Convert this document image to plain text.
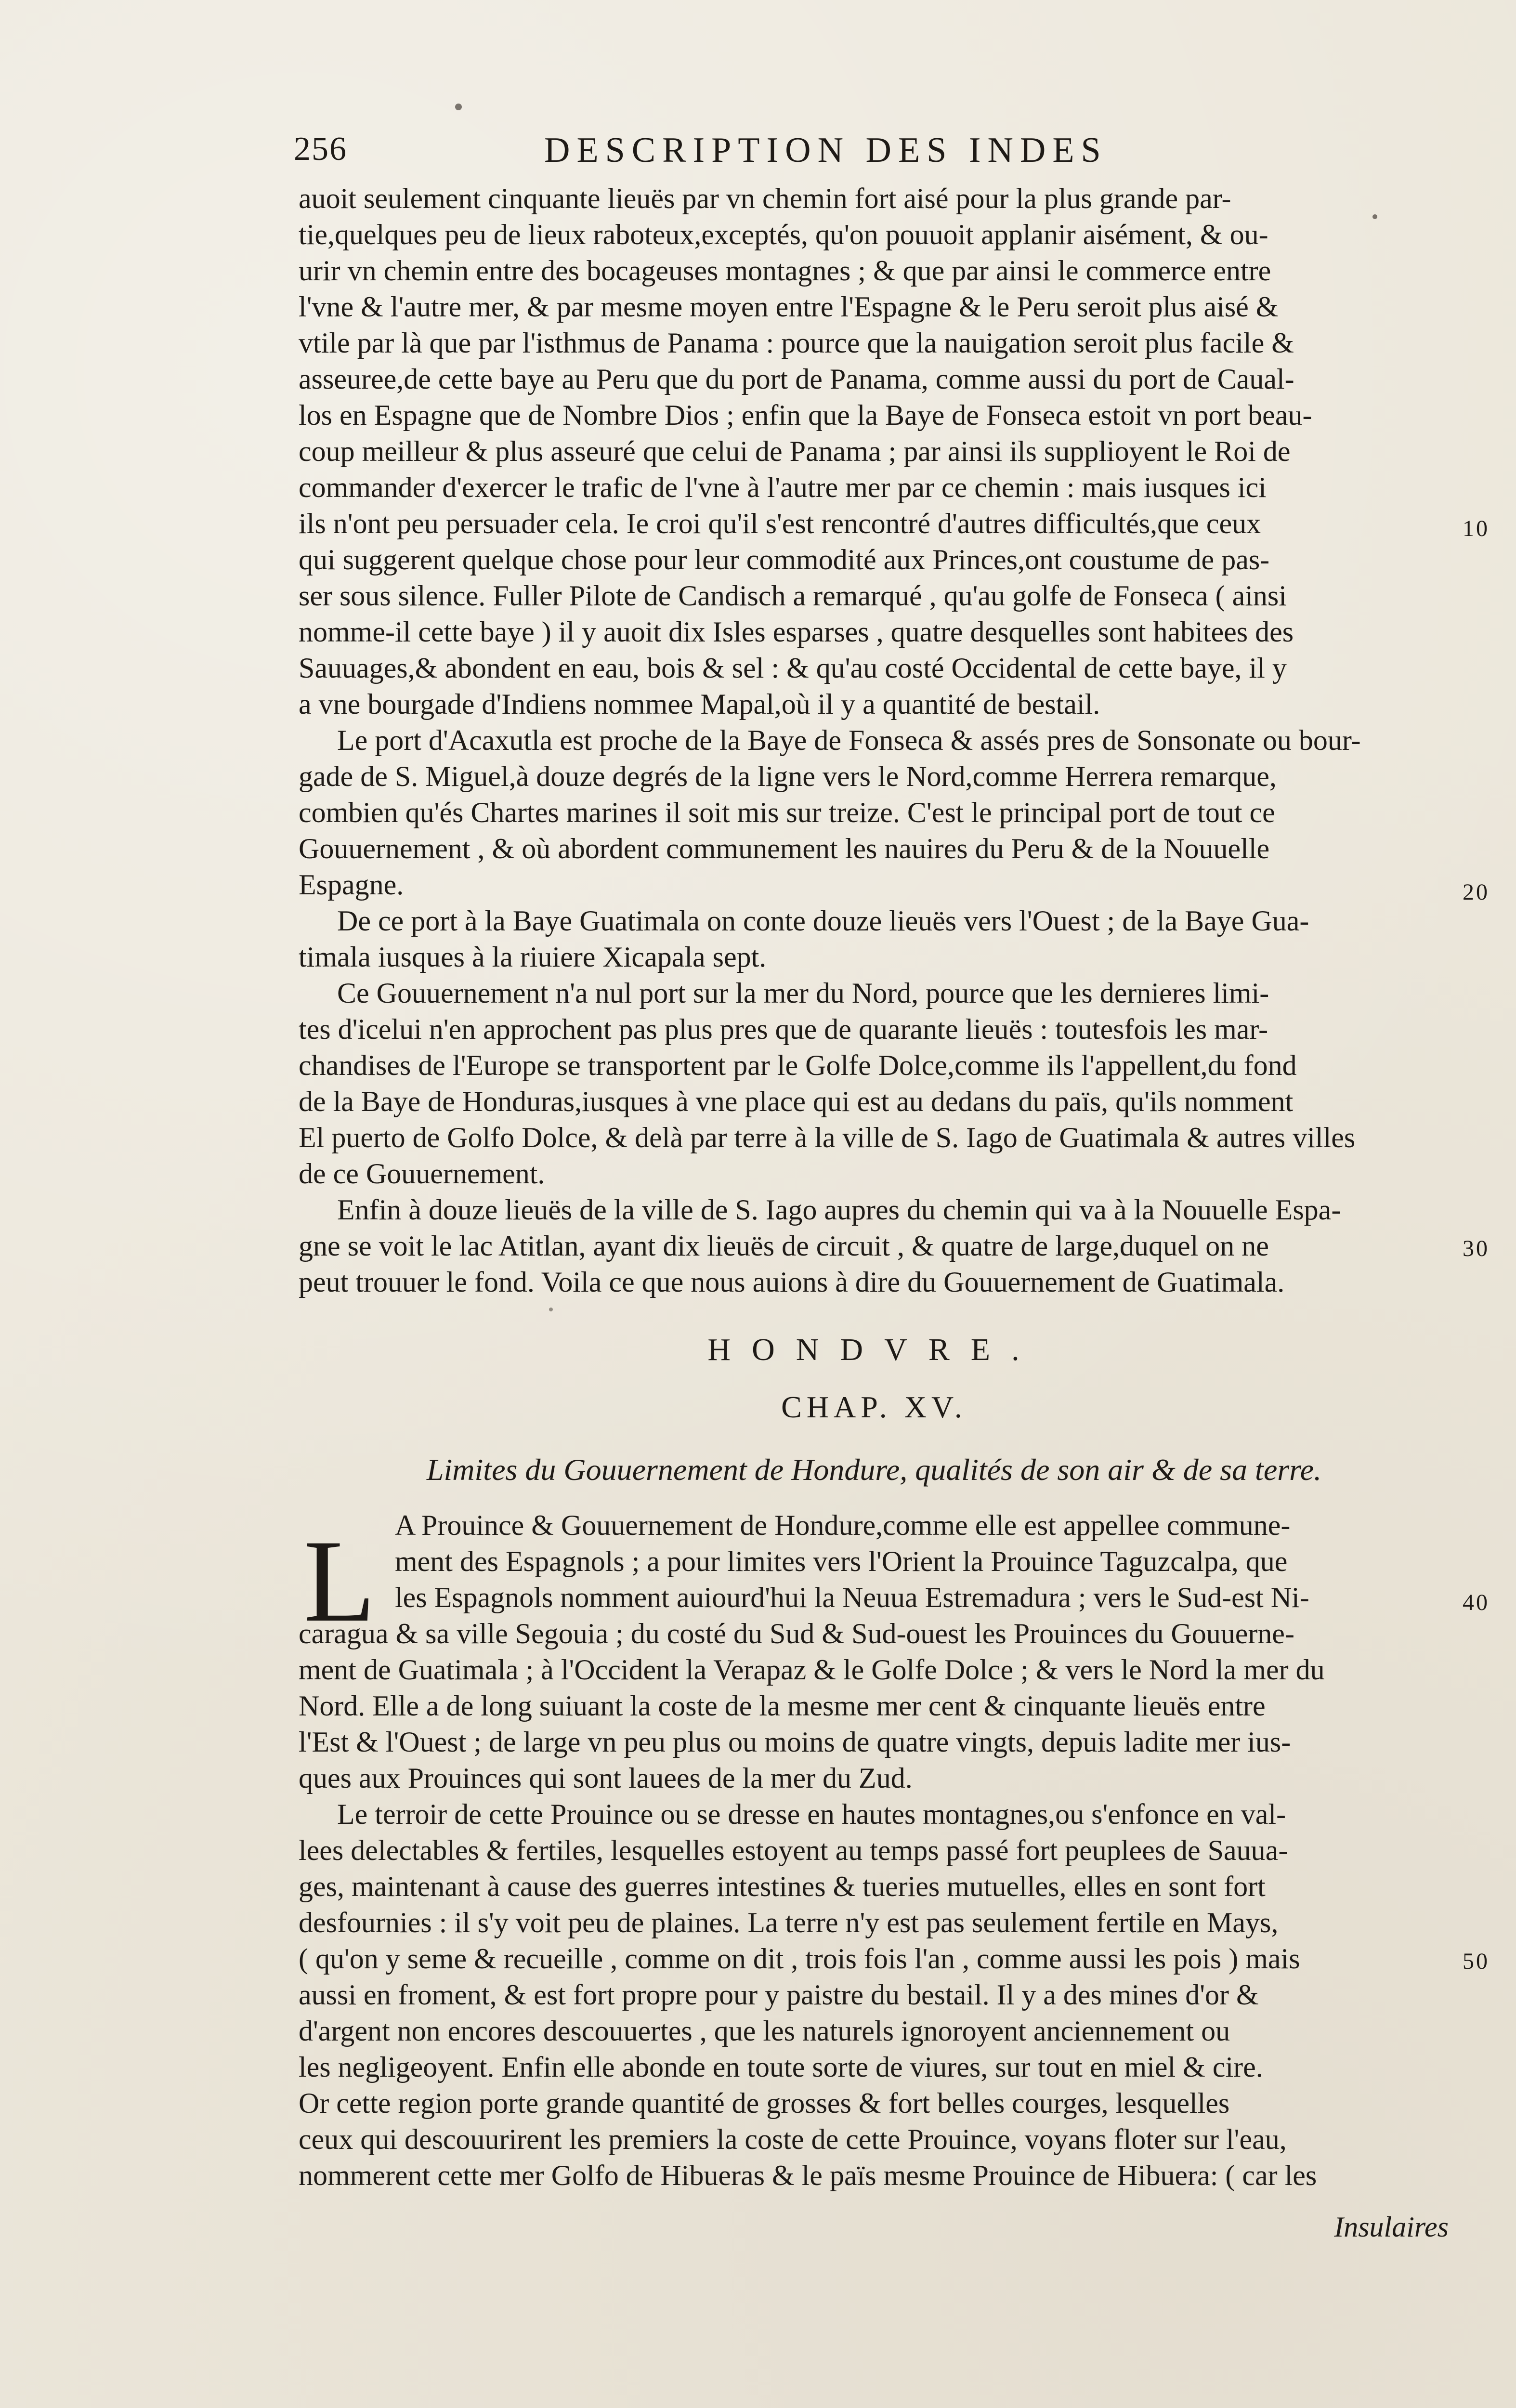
256	DESCRIPTION DES INDES
auoit seulement cinquante lieuës par vn chemin fort aisé pour la plus grande par-
tie,quelques peu de lieux raboteux,exceptés, qu'on pouuoit applanir aisément, & ou-
urir vn chemin entre des bocageuses montagnes ; & que par ainsi le commerce entre
l'vne & l'autre mer, & par mesme moyen entre l'Espagne & le Peru seroit plus aisé &
vtile par là que par l'isthmus de Panama : pource que la nauigation seroit plus facile &
asseuree,de cette baye au Peru que du port de Panama, comme aussi du port de Caual-
los en Espagne que de Nombre Dios ; enfin que la Baye de Fonseca estoit vn port beau-
coup meilleur & plus asseuré que celui de Panama ; par ainsi ils supplioyent le Roi de
commander d'exercer le trafic de l'vne à l'autre mer par ce chemin : mais iusques ici
ils n'ont peu persuader cela. Ie croi qu'il s'est rencontré d'autres difficultés,que ceux
qui suggerent quelque chose pour leur commodité aux Princes,ont coustume de pas-
ser sous silence. Fuller Pilote de Candisch a remarqué , qu'au golfe de Fonseca ( ainsi
nomme-il cette baye ) il y auoit dix Isles esparses , quatre desquelles sont habitees des
Sauuages,& abondent en eau, bois & sel : & qu'au costé Occidental de cette baye, il y
a vne bourgade d'Indiens nommee Mapal,où il y a quantité de bestail.
Le port d'Acaxutla est proche de la Baye de Fonseca & assés pres de Sonsonate ou bour-
gade de S. Miguel,à douze degrés de la ligne vers le Nord,comme Herrera remarque,
combien qu'és Chartes marines il soit mis sur treize. C'est le principal port de tout ce
Gouuernement , & où abordent communement les nauires du Peru & de la Nouuelle
Espagne.
De ce port à la Baye Guatimala on conte douze lieuës vers l'Ouest ; de la Baye Gua-
timala iusques à la riuiere Xicapala sept.
Ce Gouuernement n'a nul port sur la mer du Nord, pource que les dernieres limi-
tes d'icelui n'en approchent pas plus pres que de quarante lieuës : toutesfois les mar-
chandises de l'Europe se transportent par le Golfe Dolce,comme ils l'appellent,du fond
de la Baye de Honduras,iusques à vne place qui est au dedans du païs, qu'ils nomment
El puerto de Golfo Dolce, & delà par terre à la ville de S. Iago de Guatimala & autres villes
de ce Gouuernement.
Enfin à douze lieuës de la ville de S. Iago aupres du chemin qui va à la Nouuelle Espa-
gne se voit le lac Atitlan, ayant dix lieuës de circuit , & quatre de large,duquel on ne
peut trouuer le fond. Voila ce que nous auions à dire du Gouuernement de Guatimala.
HONDVRE.
CHAP. XV.
Limites du Gouuernement de Hondure, qualités de son air & de sa terre.
L A Prouince & Gouuernement de Hondure,comme elle est appellee commune-
ment des Espagnols ; a pour limites vers l'Orient la Prouince Taguzcalpa, que
les Espagnols nomment auiourd'hui la Neuua Estremadura ; vers le Sud-est Ni-
caragua & sa ville Segouia ; du costé du Sud & Sud-ouest les Prouinces du Gouuerne-
ment de Guatimala ; à l'Occident la Verapaz & le Golfe Dolce ; & vers le Nord la mer du
Nord. Elle a de long suiuant la coste de la mesme mer cent & cinquante lieuës entre
l'Est & l'Ouest ; de large vn peu plus ou moins de quatre vingts, depuis ladite mer ius-
ques aux Prouinces qui sont lauees de la mer du Zud.
Le terroir de cette Prouince ou se dresse en hautes montagnes,ou s'enfonce en val-
lees delectables & fertiles, lesquelles estoyent au temps passé fort peuplees de Sauua-
ges, maintenant à cause des guerres intestines & tueries mutuelles, elles en sont fort
desfournies : il s'y voit peu de plaines. La terre n'y est pas seulement fertile en Mays,
( qu'on y seme & recueille , comme on dit , trois fois l'an , comme aussi les pois ) mais
aussi en froment, & est fort propre pour y paistre du bestail. Il y a des mines d'or &
d'argent non encores descouuertes , que les naturels ignoroyent anciennement ou
les negligeoyent. Enfin elle abonde en toute sorte de viures, sur tout en miel & cire.
Or cette region porte grande quantité de grosses & fort belles courges, lesquelles
ceux qui descouurirent les premiers la coste de cette Prouince, voyans floter sur l'eau,
nommerent cette mer Golfo de Hibueras & le païs mesme Prouince de Hibuera: ( car les
10
20
30
40
50
Insulaires
